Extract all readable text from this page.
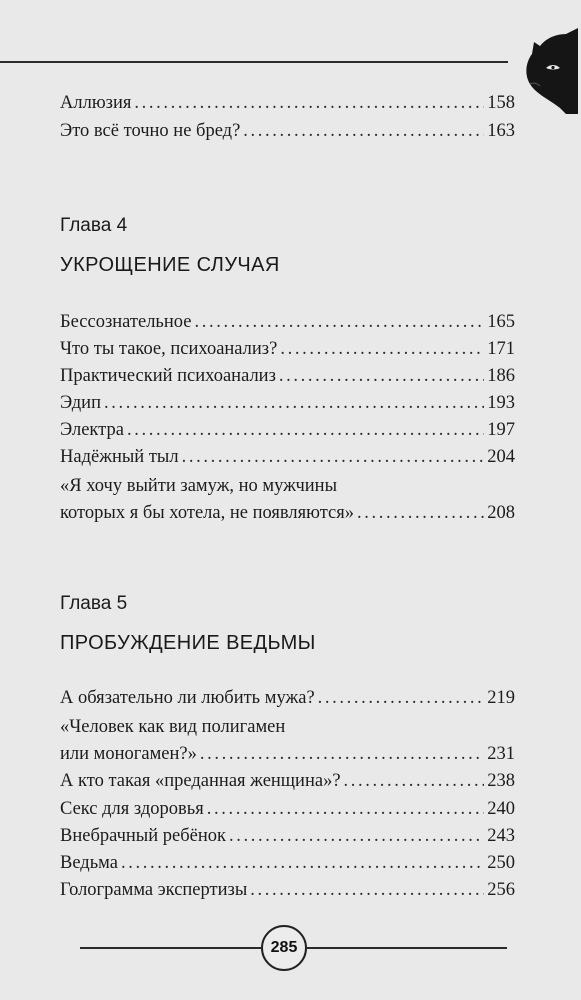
Аллюзия . . .	158
Это всё точно не бред? . . .	163
Глава 4
УКРОЩЕНИЕ СЛУЧАЯ
Бессознательное . . .	165
Что ты такое, психоанализ? . . .	171
Практический психоанализ . . .	186
Эдип . . .	193
Электра . . .	197
Надёжный тыл . . .	204
«Я хочу выйти замуж, но мужчины
которых я бы хотела, не появляются» . . .	208
Глава 5
ПРОБУЖДЕНИЕ ВЕДЬМЫ
А обязательно ли любить мужа? . . .	219
«Человек как вид полигамен
или моногамен?» . . .	231
А кто такая «преданная женщина»? . . .	238
Секс для здоровья . . .	240
Внебрачный ребёнок . . .	243
Ведьма . . .	250
Голограмма экспертизы . . .	256
285
